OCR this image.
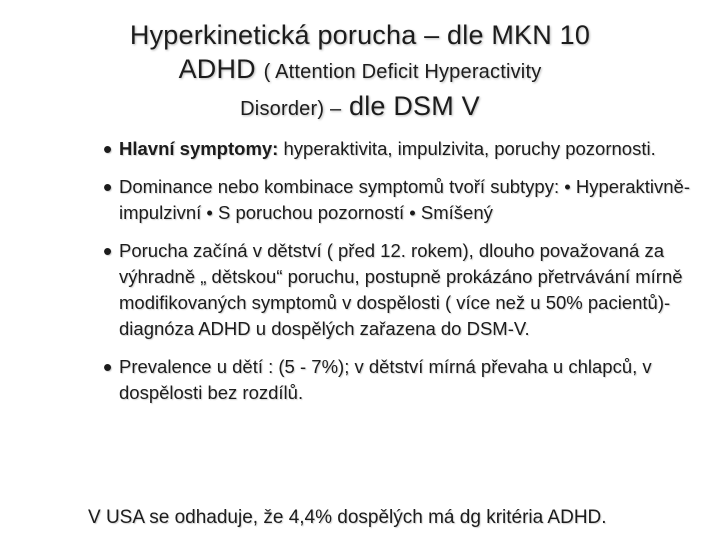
Hyperkinetická porucha – dle MKN 10
ADHD ( Attention Deficit Hyperactivity
Disorder) – dle DSM V
• Hlavní symptomy: hyperaktivita, impulzivita, poruchy pozornosti.
• Dominance nebo kombinace symptomů tvoří subtypy: • Hyperaktivně-impulzivní • S poruchou pozorností • Smíšený
• Porucha začíná v dětství ( před 12. rokem), dlouho považovaná za výhradně „ dětskou“ poruchu, postupně prokázáno přetrvávání mírně modifikovaných symptomů v dospělosti ( více než u 50% pacientů)- diagnóza ADHD u dospělých zařazena do DSM-V.
• Prevalence u dětí : (5 - 7%); v dětství mírná převaha u chlapců, v dospělosti bez rozdílů.
V USA se odhaduje, že 4,4% dospělých má dg kritéria ADHD.
